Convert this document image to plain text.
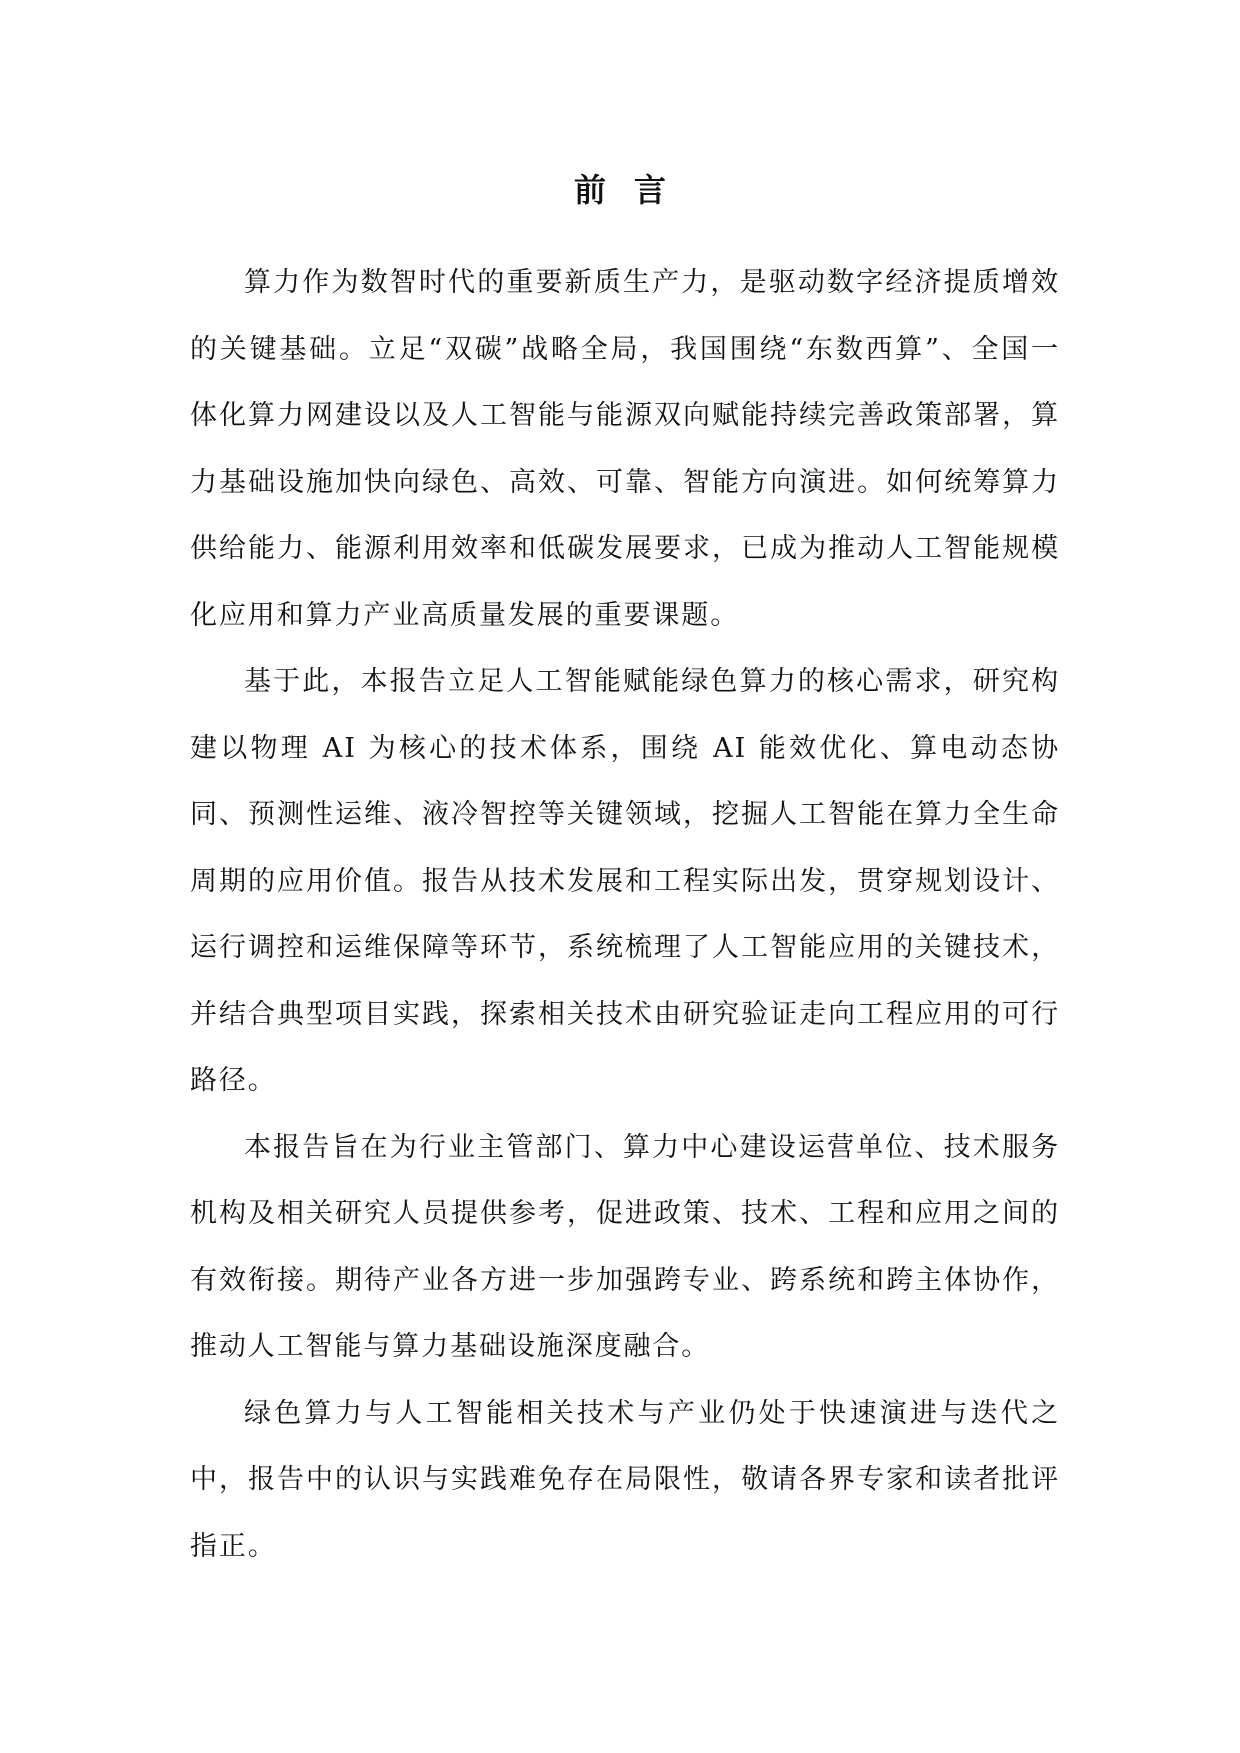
前言

算力作为数智时代的重要新质生产力，是驱动数字经济提质增效的关键基础。立足“双碳”战略全局，我国围绕“东数西算”、全国一体化算力网建设以及人工智能与能源双向赋能持续完善政策部署，算力基础设施加快向绿色、高效、可靠、智能方向演进。如何统筹算力供给能力、能源利用效率和低碳发展要求，已成为推动人工智能规模化应用和算力产业高质量发展的重要课题。

基于此，本报告立足人工智能赋能绿色算力的核心需求，研究构建以物理 AI 为核心的技术体系，围绕 AI 能效优化、算电动态协同、预测性运维、液冷智控等关键领域，挖掘人工智能在算力全生命周期的应用价值。报告从技术发展和工程实际出发，贯穿规划设计、运行调控和运维保障等环节，系统梳理了人工智能应用的关键技术，并结合典型项目实践，探索相关技术由研究验证走向工程应用的可行路径。

本报告旨在为行业主管部门、算力中心建设运营单位、技术服务机构及相关研究人员提供参考，促进政策、技术、工程和应用之间的有效衔接。期待产业各方进一步加强跨专业、跨系统和跨主体协作，推动人工智能与算力基础设施深度融合。

绿色算力与人工智能相关技术与产业仍处于快速演进与迭代之中，报告中的认识与实践难免存在局限性，敬请各界专家和读者批评指正。
